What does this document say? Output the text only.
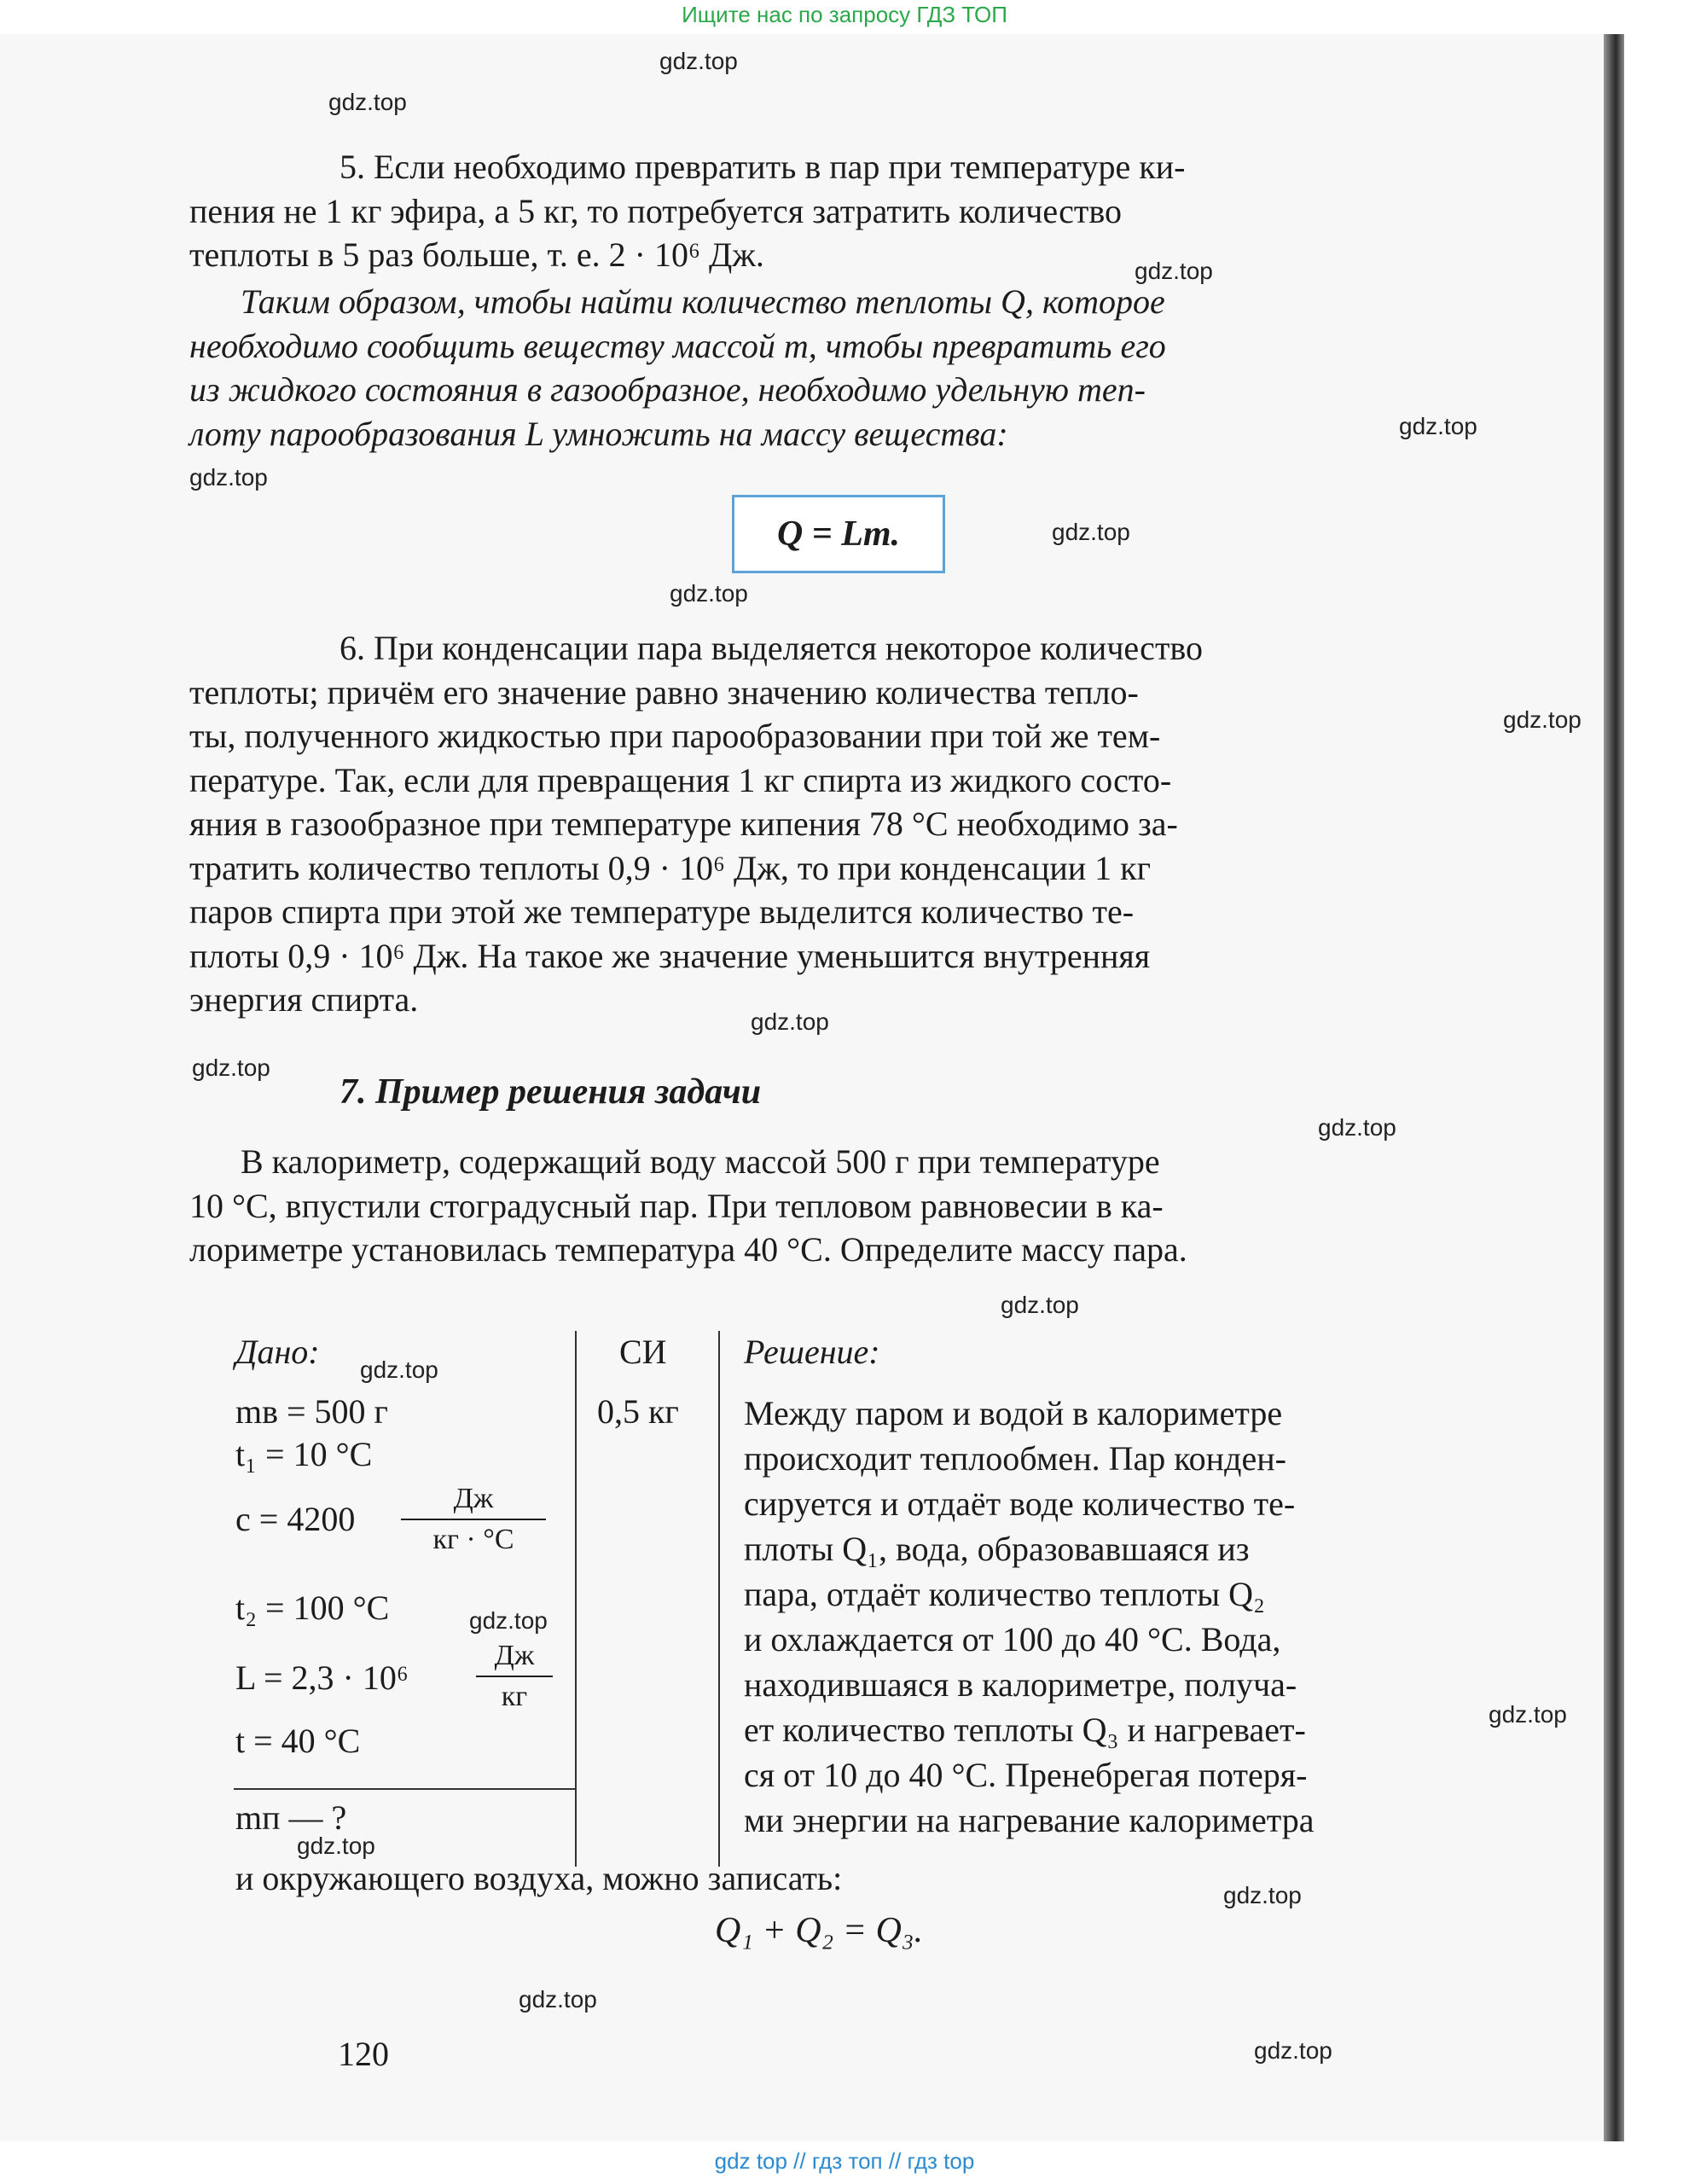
Ищите нас по запросу ГДЗ ТОП
gdz.top
gdz.top
gdz.top
gdz.top
gdz.top
gdz.top
gdz.top
gdz.top
gdz.top
gdz.top
gdz.top
gdz.top
gdz.top
gdz.top
gdz.top
gdz.top
gdz.top
gdz.top
gdz.top
5. Если необходимо превратить в пар при температуре ки-
пения не 1 кг эфира, а 5 кг, то потребуется затратить количество
теплоты в 5 раз больше, т. е. 2 · 10⁶ Дж.
Таким образом, чтобы найти количество теплоты Q, которое
необходимо сообщить веществу массой m, чтобы превратить его
из жидкого состояния в газообразное, необходимо удельную теп-
лоту парообразования L умножить на массу вещества:
Q = Lm.
6. При конденсации пара выделяется некоторое количество
теплоты; причём его значение равно значению количества тепло-
ты, полученного жидкостью при парообразовании при той же тем-
пературе. Так, если для превращения 1 кг спирта из жидкого состо-
яния в газообразное при температуре кипения 78 °С необходимо за-
тратить количество теплоты 0,9 · 10⁶ Дж, то при конденсации 1 кг
паров спирта при этой же температуре выделится количество те-
плоты 0,9 · 10⁶ Дж. На такое же значение уменьшится внутренняя
энергия спирта.
7. Пример решения задачи
В калориметр, содержащий воду массой 500 г при температуре
10 °С, впустили стоградусный пар. При тепловом равновесии в ка-
лориметре установилась температура 40 °С. Определите массу пара.
Дано:
mв = 500 г
t₁ = 10 °С
c = 4200
Дж
кг · °С
t₂ = 100 °С
L = 2,3 · 10⁶
Дж
кг
t = 40 °С
mп — ?
СИ
0,5 кг
Решение:
Между паром и водой в калориметре
происходит теплообмен. Пар конден-
сируется и отдаёт воде количество те-
плоты Q₁, вода, образовавшаяся из
пара, отдаёт количество теплоты Q₂
и охлаждается от 100 до 40 °С. Вода,
находившаяся в калориметре, получа-
ет количество теплоты Q₃ и нагревает-
ся от 10 до 40 °С. Пренебрегая потеря-
ми энергии на нагревание калориметра
и окружающего воздуха, можно записать:
Q₁ + Q₂ = Q₃.
120
gdz top // гдз топ // гдз top
